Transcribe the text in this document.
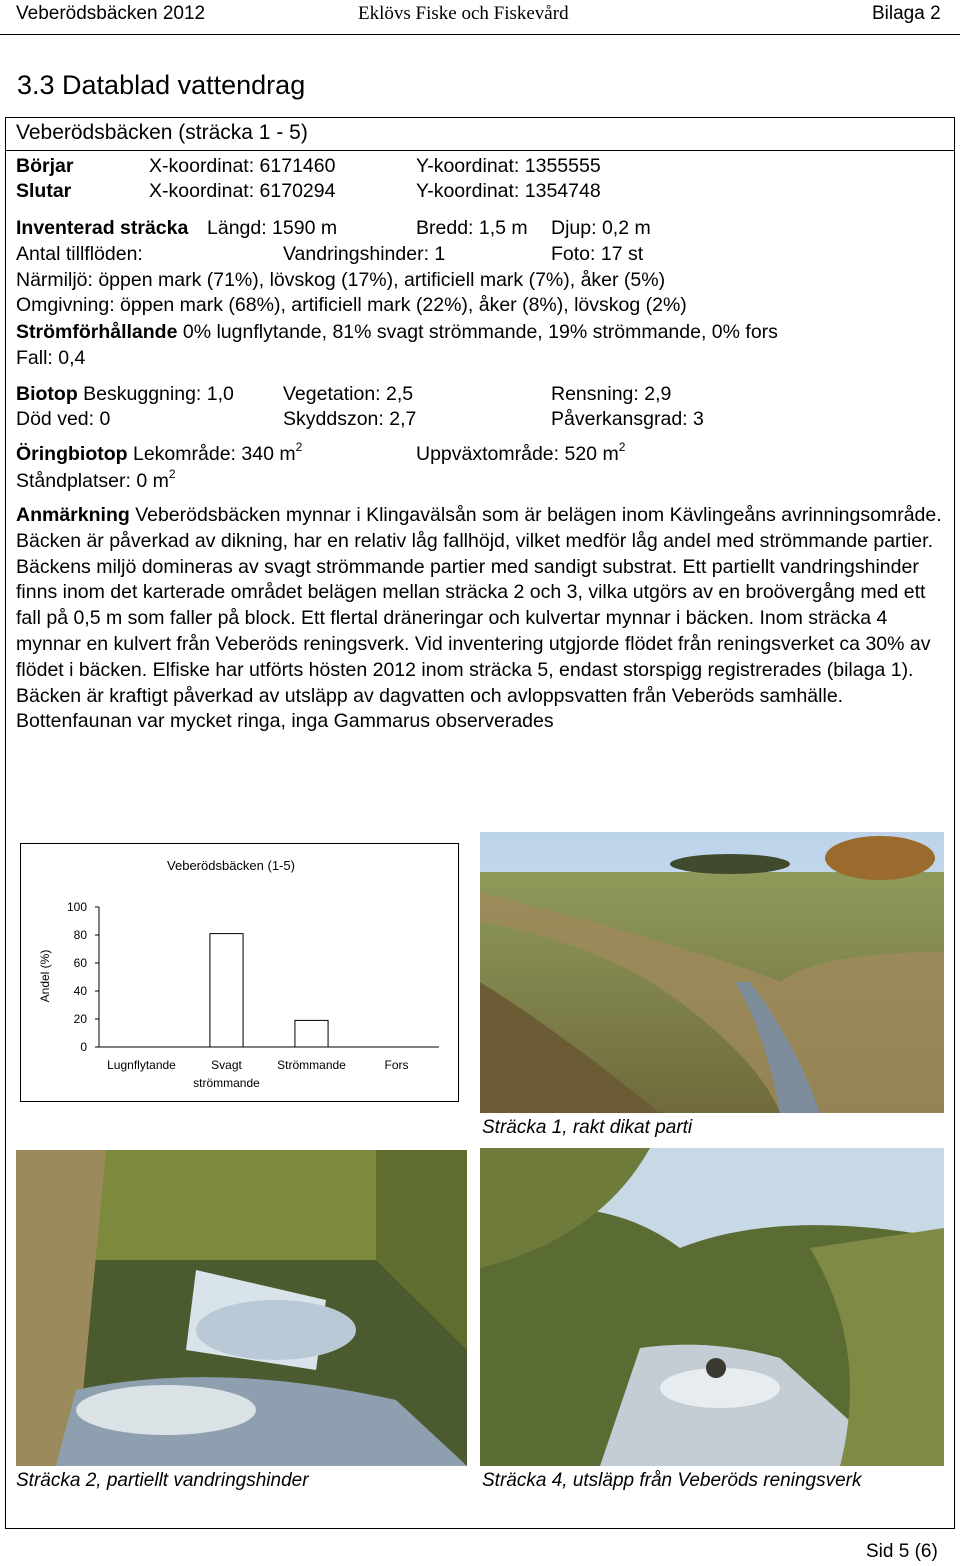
Veberödsbäcken 2012	Eklövs Fiske och Fiskevård	Bilaga 2
3.3 Datablad vattendrag
Veberödsbäcken (sträcka 1 - 5)
Börjar	X-koordinat: 6171460	Y-koordinat: 1355555
Slutar	X-koordinat: 6170294	Y-koordinat: 1354748
Inventerad sträcka Längd: 1590 m	Bredd: 1,5 m Djup: 0,2 m
Antal tillflöden:	Vandringshinder: 1	Foto: 17 st
Närmiljö: öppen mark (71%), lövskog (17%), artificiell mark (7%), åker (5%)
Omgivning: öppen mark (68%), artificiell mark (22%), åker (8%), lövskog (2%)
Strömförhållande 0% lugnflytande, 81% svagt strömmande, 19% strömmande, 0% fors
Fall: 0,4
Biotop Beskuggning: 1,0	Vegetation: 2,5	Rensning: 2,9
Död ved: 0	Skyddszon: 2,7	Påverkansgrad: 3
Öringbiotop Lekområde: 340 $m^2$	Uppväxtområde: 520 $m^2$
Ståndplatser: 0 $m^2$
Anmärkning Veberödsbäcken mynnar i Klingavälsån som är belägen inom Kävlingeåns avrinningsområde. Bäcken är påverkad av dikning, har en relativ låg fallhöjd, vilket medför låg andel med strömmande partier. Bäckens miljö domineras av svagt strömmande partier med sandigt substrat. Ett partiellt vandringshinder finns inom det karterade området belägen mellan sträcka 2 och 3, vilka utgörs av en broövergång med ett fall på 0,5 m som faller på block. Ett flertal dräneringar och kulvertar mynnar i bäcken. Inom sträcka 4 mynnar en kulvert från Veberöds reningsverk. Vid inventering utgjorde flödet från reningsverket ca 30% av flödet i bäcken. Elfiske har utförts hösten 2012 inom sträcka 5, endast storspigg registrerades (bilaga 1). Bäcken är kraftigt påverkad av utsläpp av dagvatten och avloppsvatten från Veberöds samhälle. Bottenfaunan var mycket ringa, inga Gammarus observerades
Veberödsbäcken (1-5)
Andel (%)
0
20
40
60
80
100
Lugnflytande	Svagt
strömmande
Strömmande	Fors
Sträcka 1, rakt dikat parti
Sträcka 2, partiellt vandringshinder	Sträcka 4, utsläpp från Veberöds reningsverk
Sid 5 (6)
